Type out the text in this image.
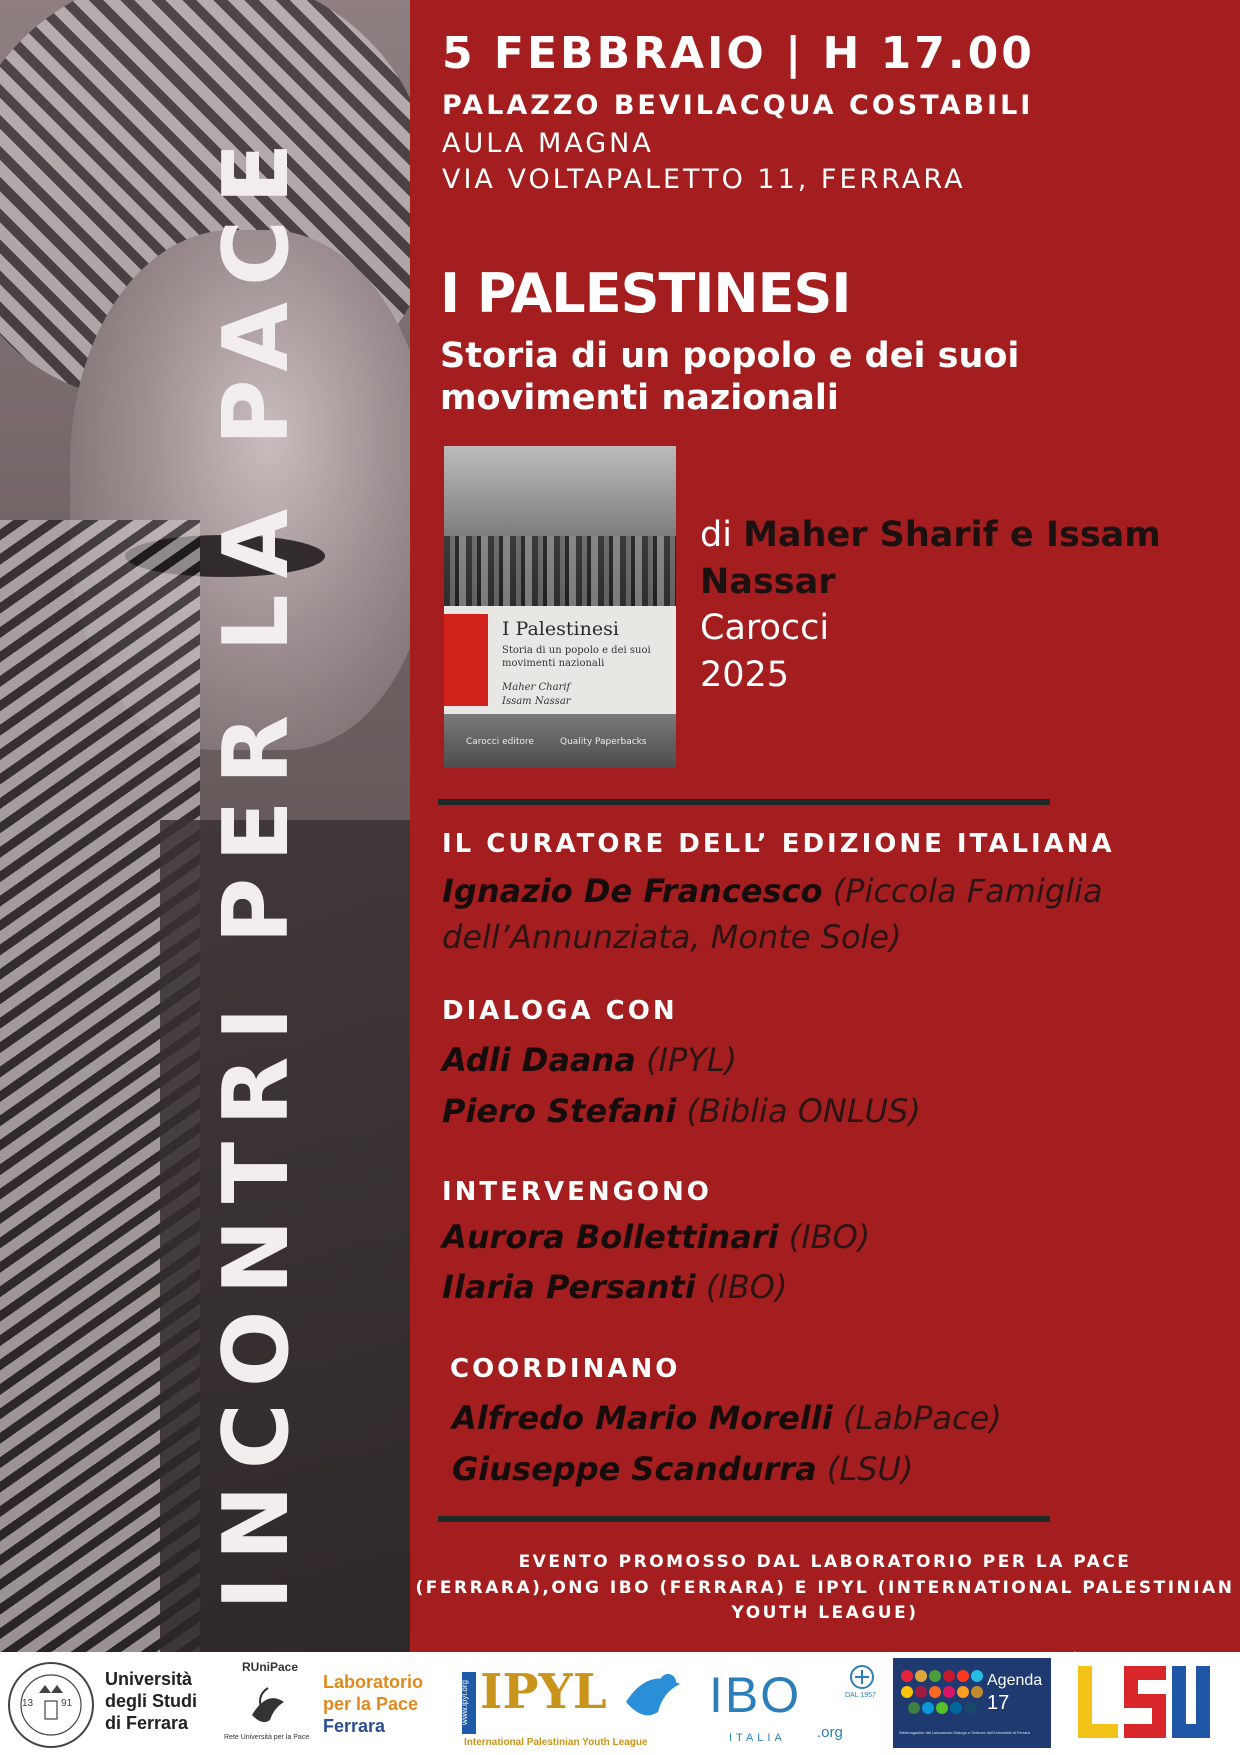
INCONTRI PER LA PACE
5 FEBBRAIO | H 17.00
PALAZZO BEVILACQUA COSTABILI
AULA MAGNA
VIA VOLTAPALETTO 11, FERRARA
I PALESTINESI
Storia di un popolo e dei suoi movimenti nazionali
I Palestinesi
Storia di un popolo e dei suoi movimenti nazionali
Maher Charif
Issam Nassar
Carocci editore	Quality Paperbacks
di Maher Sharif e Issam Nassar
Carocci
2025
IL CURATORE DELL’ EDIZIONE ITALIANA
Ignazio De Francesco (Piccola Famiglia
dell’Annunziata, Monte Sole)
DIALOGA CON
Adli Daana (IPYL)
Piero Stefani (Biblia ONLUS)
INTERVENGONO
Aurora Bollettinari (IBO)
Ilaria Persanti (IBO)
COORDINANO
Alfredo Mario Morelli (LabPace)
Giuseppe Scandurra (LSU)
EVENTO PROMOSSO DAL LABORATORIO PER LA PACE
(FERRARA),ONG IBO (FERRARA) E IPYL (INTERNATIONAL PALESTINIAN
YOUTH LEAGUE)
13	91
Università
degli Studi
di Ferrara
RUniPace
Rete Università per la Pace
Laboratorio
per la Pace
Ferrara
www.ipyl.org IPYL
International Palestinian Youth League
IBO
ITALIA .org
DAL 1957
Agenda
17
Webmagazine del Laboratorio Dialogo e Scienze dell'Università di Ferrara
LSU
